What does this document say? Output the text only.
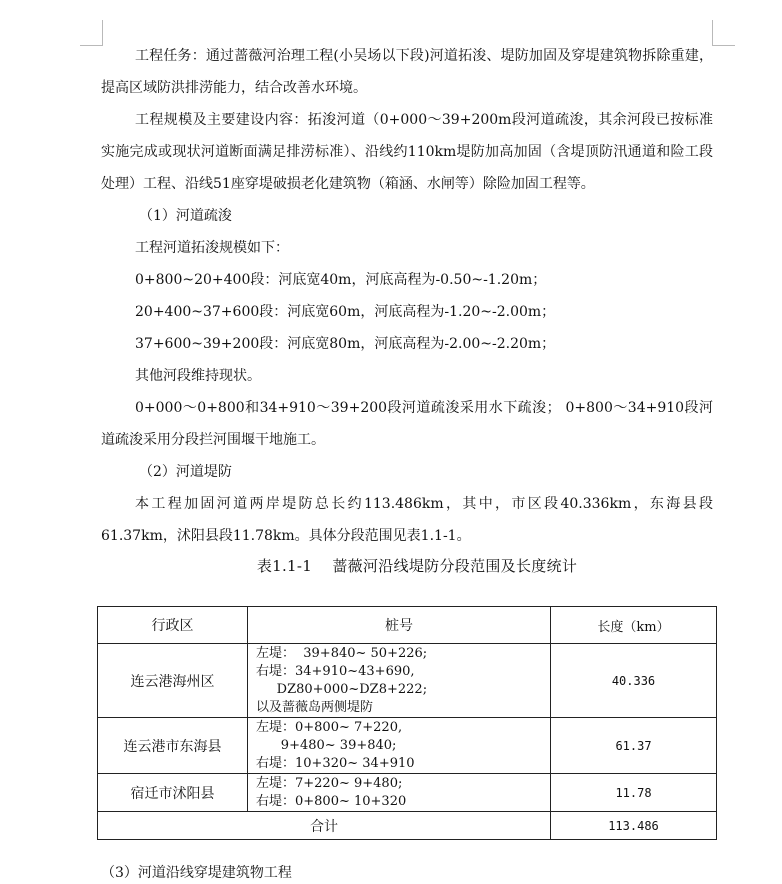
工程任务：通过蔷薇河治理工程(小吴场以下段)河道拓浚、堤防加固及穿堤建筑物拆除重建，提高区域防洪排涝能力，结合改善水环境。

工程规模及主要建设内容：拓浚河道（0+000～39+200m段河道疏浚，其余河段已按标准实施完成或现状河道断面满足排涝标准）、沿线约110km堤防加高加固（含堤顶防汛通道和险工段处理）工程、沿线51座穿堤破损老化建筑物（箱涵、水闸等）除险加固工程等。

（1）河道疏浚

工程河道拓浚规模如下：

0+800~20+400段：河底宽40m，河底高程为-0.50~-1.20m；

20+400~37+600段：河底宽60m，河底高程为-1.20~-2.00m；

37+600~39+200段：河底宽80m，河底高程为-2.00~-2.20m；

其他河段维持现状。

0+000～0+800和34+910～39+200段河道疏浚采用水下疏浚； 0+800～34+910段河道疏浚采用分段拦河围堰干地施工。

（2）河道堤防

本工程加固河道两岸堤防总长约113.486km，其中，市区段40.336km，东海县段61.37km，沭阳县段11.78km。具体分段范围见表1.1-1。

表1.1-1    蔷薇河沿线堤防分段范围及长度统计

行政区	桩号	长度（km）
连云港海州区	左堤：  39+840~ 50+226;
右堤：34+910~43+690,
DZ80+000~DZ8+222;
以及蔷薇岛两侧堤防	40.336
连云港市东海县	左堤：0+800~ 7+220,
9+480~ 39+840;
右堤：10+320~ 34+910	61.37
宿迁市沭阳县	左堤：7+220~ 9+480;
右堤：0+800~ 10+320	11.78
合计		113.486
（3）河道沿线穿堤建筑物工程
